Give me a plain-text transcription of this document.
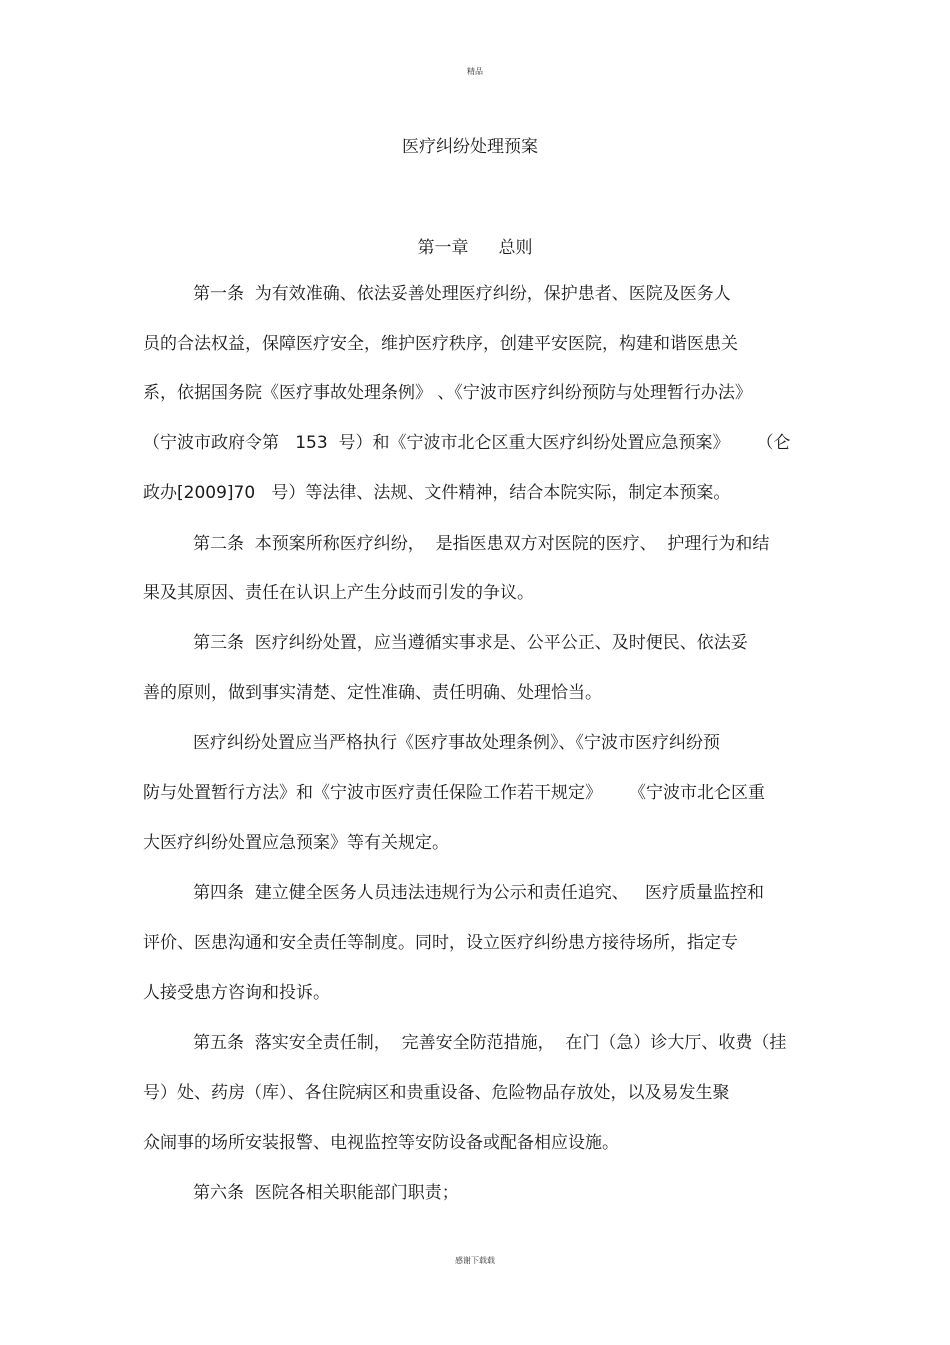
精品
医疗纠纷处理预案
第一章 总则
第一条  为有效准确、依法妥善处理医疗纠纷，保护患者、医院及医务人
员的合法权益，保障医疗安全，维护医疗秩序，创建平安医院，构建和谐医患关
系，依据国务院《医疗事故处理条例》 、《宁波市医疗纠纷预防与处理暂行办法》
（宁波市政府令第   153  号）和《宁波市北仑区重大医疗纠纷处置应急预案》     （仑
政办[2009]70   号）等法律、法规、文件精神，结合本院实际，制定本预案。
第二条  本预案所称医疗纠纷，  是指医患双方对医院的医疗、  护理行为和结
果及其原因、责任在认识上产生分歧而引发的争议。
第三条  医疗纠纷处置，应当遵循实事求是、公平公正、及时便民、依法妥
善的原则，做到事实清楚、定性准确、责任明确、处理恰当。
医疗纠纷处置应当严格执行《医疗事故处理条例》、《宁波市医疗纠纷预
防与处置暂行方法》和《宁波市医疗责任保险工作若干规定》     《宁波市北仑区重
大医疗纠纷处置应急预案》等有关规定。
第四条  建立健全医务人员违法违规行为公示和责任追究、   医疗质量监控和
评价、医患沟通和安全责任等制度。同时，设立医疗纠纷患方接待场所，指定专
人接受患方咨询和投诉。
第五条  落实安全责任制，  完善安全防范措施，  在门（急）诊大厅、收费（挂
号）处、药房（库）、各住院病区和贵重设备、危险物品存放处，以及易发生聚
众闹事的场所安装报警、电视监控等安防设备或配备相应设施。
第六条  医院各相关职能部门职责；
感谢下载载
